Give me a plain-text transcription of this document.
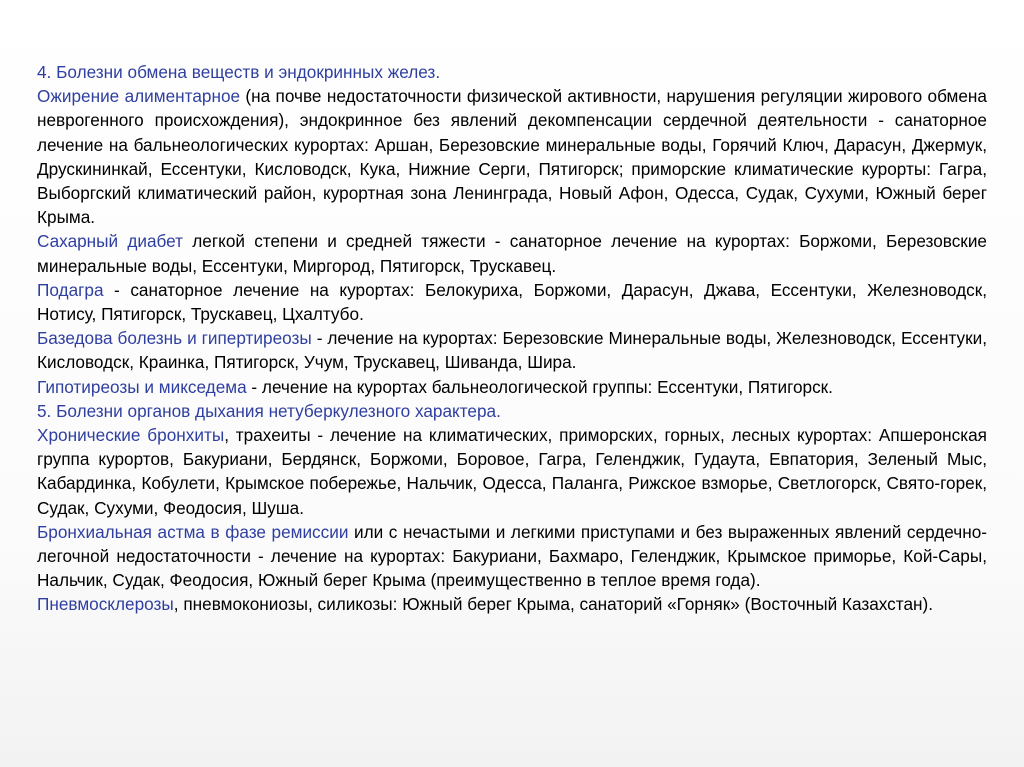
4. Болезни обмена веществ и эндокринных желез.

Ожирение алиментарное (на почве недостаточности физической активности, нарушения регуляции жирового обмена неврогенного происхождения), эндокринное без явлений декомпенсации сердечной деятельности - санаторное лечение на бальнеологических курортах: Аршан, Березовские минеральные воды, Горячий Ключ, Дарасун, Джермук, Друскининкай, Ессентуки, Кисловодск, Кука, Нижние Серги, Пятигорск; приморские климатические курорты: Гагра, Выборгский климатический район, курортная зона Ленинграда, Новый Афон, Одесса, Судак, Сухуми, Южный берег Крыма.

Сахарный диабет легкой степени и средней тяжести - санаторное лечение на курортах: Боржоми, Березовские минеральные воды, Ессентуки, Миргород, Пятигорск, Трускавец.

Подагра - санаторное лечение на курортах: Белокуриха, Боржоми, Дарасун, Джава, Ессентуки, Железноводск, Нотису, Пятигорск, Трускавец, Цхалтубо.

Базедова болезнь и гипертиреозы - лечение на курортах: Березовские Минеральные воды, Железноводск, Ессентуки, Кисловодск, Краинка, Пятигорск, Учум, Трускавец, Шиванда, Шира.

Гипотиреозы и микседема - лечение на курортах бальнеологической группы: Ессентуки, Пятигорск.

5. Болезни органов дыхания нетуберкулезного характера.

Хронические бронхиты, трахеиты - лечение на климатических, приморских, горных, лесных курортах: Апшеронская группа курортов, Бакуриани, Бердянск, Боржоми, Боровое, Гагра, Геленджик, Гудаута, Евпатория, Зеленый Мыс, Кабардинка, Кобулети, Крымское побережье, Нальчик, Одесса, Паланга, Рижское взморье, Светлогорск, Свято-горек, Судак, Сухуми, Феодосия, Шуша.

Бронхиальная астма в фазе ремиссии или с нечастыми и легкими приступами и без выраженных явлений сердечно-легочной недостаточности - лечение на курортах: Бакуриани, Бахмаро, Геленджик, Крымское приморье, Кой-Сары, Нальчик, Судак, Феодосия, Южный берег Крыма (преимущественно в теплое время года).

Пневмосклерозы, пневмокониозы, силикозы: Южный берег Крыма, санаторий «Горняк» (Восточный Казахстан).
